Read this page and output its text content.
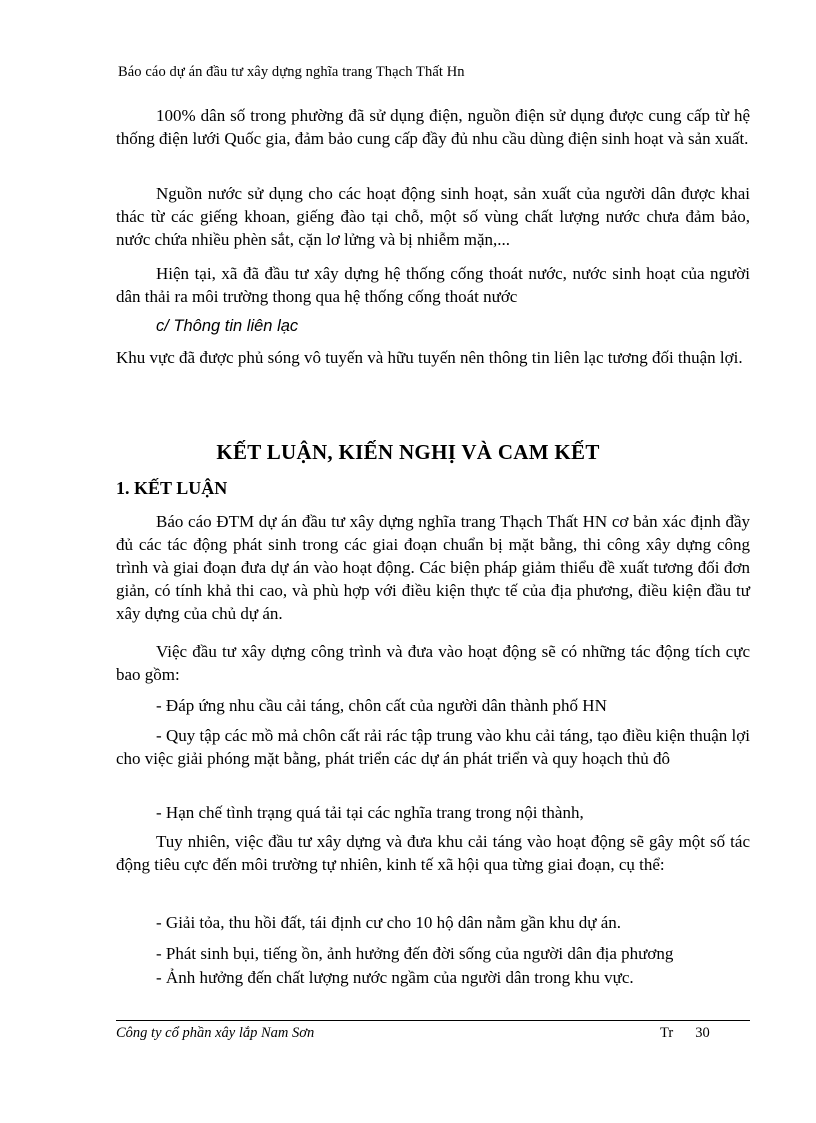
Báo cáo dự án đầu tư xây dựng nghĩa trang Thạch Thất Hn

100% dân số trong phường đã sử dụng điện, nguồn điện sử dụng được cung cấp từ hệ thống điện lưới Quốc gia, đảm bảo cung cấp đầy đủ nhu cầu dùng điện sinh hoạt và sản xuất.

Nguồn nước sử dụng cho các hoạt động sinh hoạt, sản xuất của người dân được khai thác từ các giếng khoan, giếng đào tại chỗ, một số vùng chất lượng nước chưa đảm bảo, nước chứa nhiều phèn sắt, cặn lơ lửng và bị nhiễm mặn,...

Hiện tại, xã đã đầu tư xây dựng hệ thống cống thoát nước, nước sinh hoạt của người dân thải ra môi trường thong qua hệ thống cống thoát nước

c/ Thông tin liên lạc

Khu vực đã được phủ sóng vô tuyến và hữu tuyến nên thông tin liên lạc tương đối thuận lợi.

KẾT LUẬN, KIẾN NGHỊ VÀ CAM KẾT
1. KẾT LUẬN

Báo cáo ĐTM dự án đầu tư xây dựng nghĩa trang Thạch Thất HN cơ bản xác định đầy đủ các tác động phát sinh trong các giai đoạn chuẩn bị mặt bằng, thi công xây dựng công trình và giai đoạn đưa dự án vào hoạt động. Các biện pháp giảm thiểu đề xuất tương đối đơn giản, có tính khả thi cao, và phù hợp với điều kiện thực tế của địa phương, điều kiện đầu tư xây dựng của chủ dự án.

Việc đầu tư xây dựng công trình và đưa vào hoạt động sẽ có những tác động tích cực bao gồm:

- Đáp ứng nhu cầu cải táng, chôn cất của người dân thành phố HN

- Quy tập các mồ mả chôn cất rải rác tập trung vào khu cải táng, tạo điều kiện thuận lợi cho việc giải phóng mặt bằng, phát triển các dự án phát triển và quy hoạch thủ đô

- Hạn chế tình trạng quá tải tại các nghĩa trang trong nội thành,

Tuy nhiên, việc đầu tư xây dựng và đưa khu cải táng vào hoạt động sẽ gây một số tác động tiêu cực đến môi trường tự nhiên, kinh tế xã hội qua từng giai đoạn, cụ thể:

- Giải tỏa, thu hồi đất, tái định cư cho 10 hộ dân nằm gần khu dự án.

- Phát sinh bụi, tiếng ồn, ảnh hưởng đến đời sống của người dân địa phương

- Ảnh hưởng đến chất lượng nước ngầm của người dân trong khu vực.

Công ty cổ phần xây lắp Nam Sơn	Tr 30
